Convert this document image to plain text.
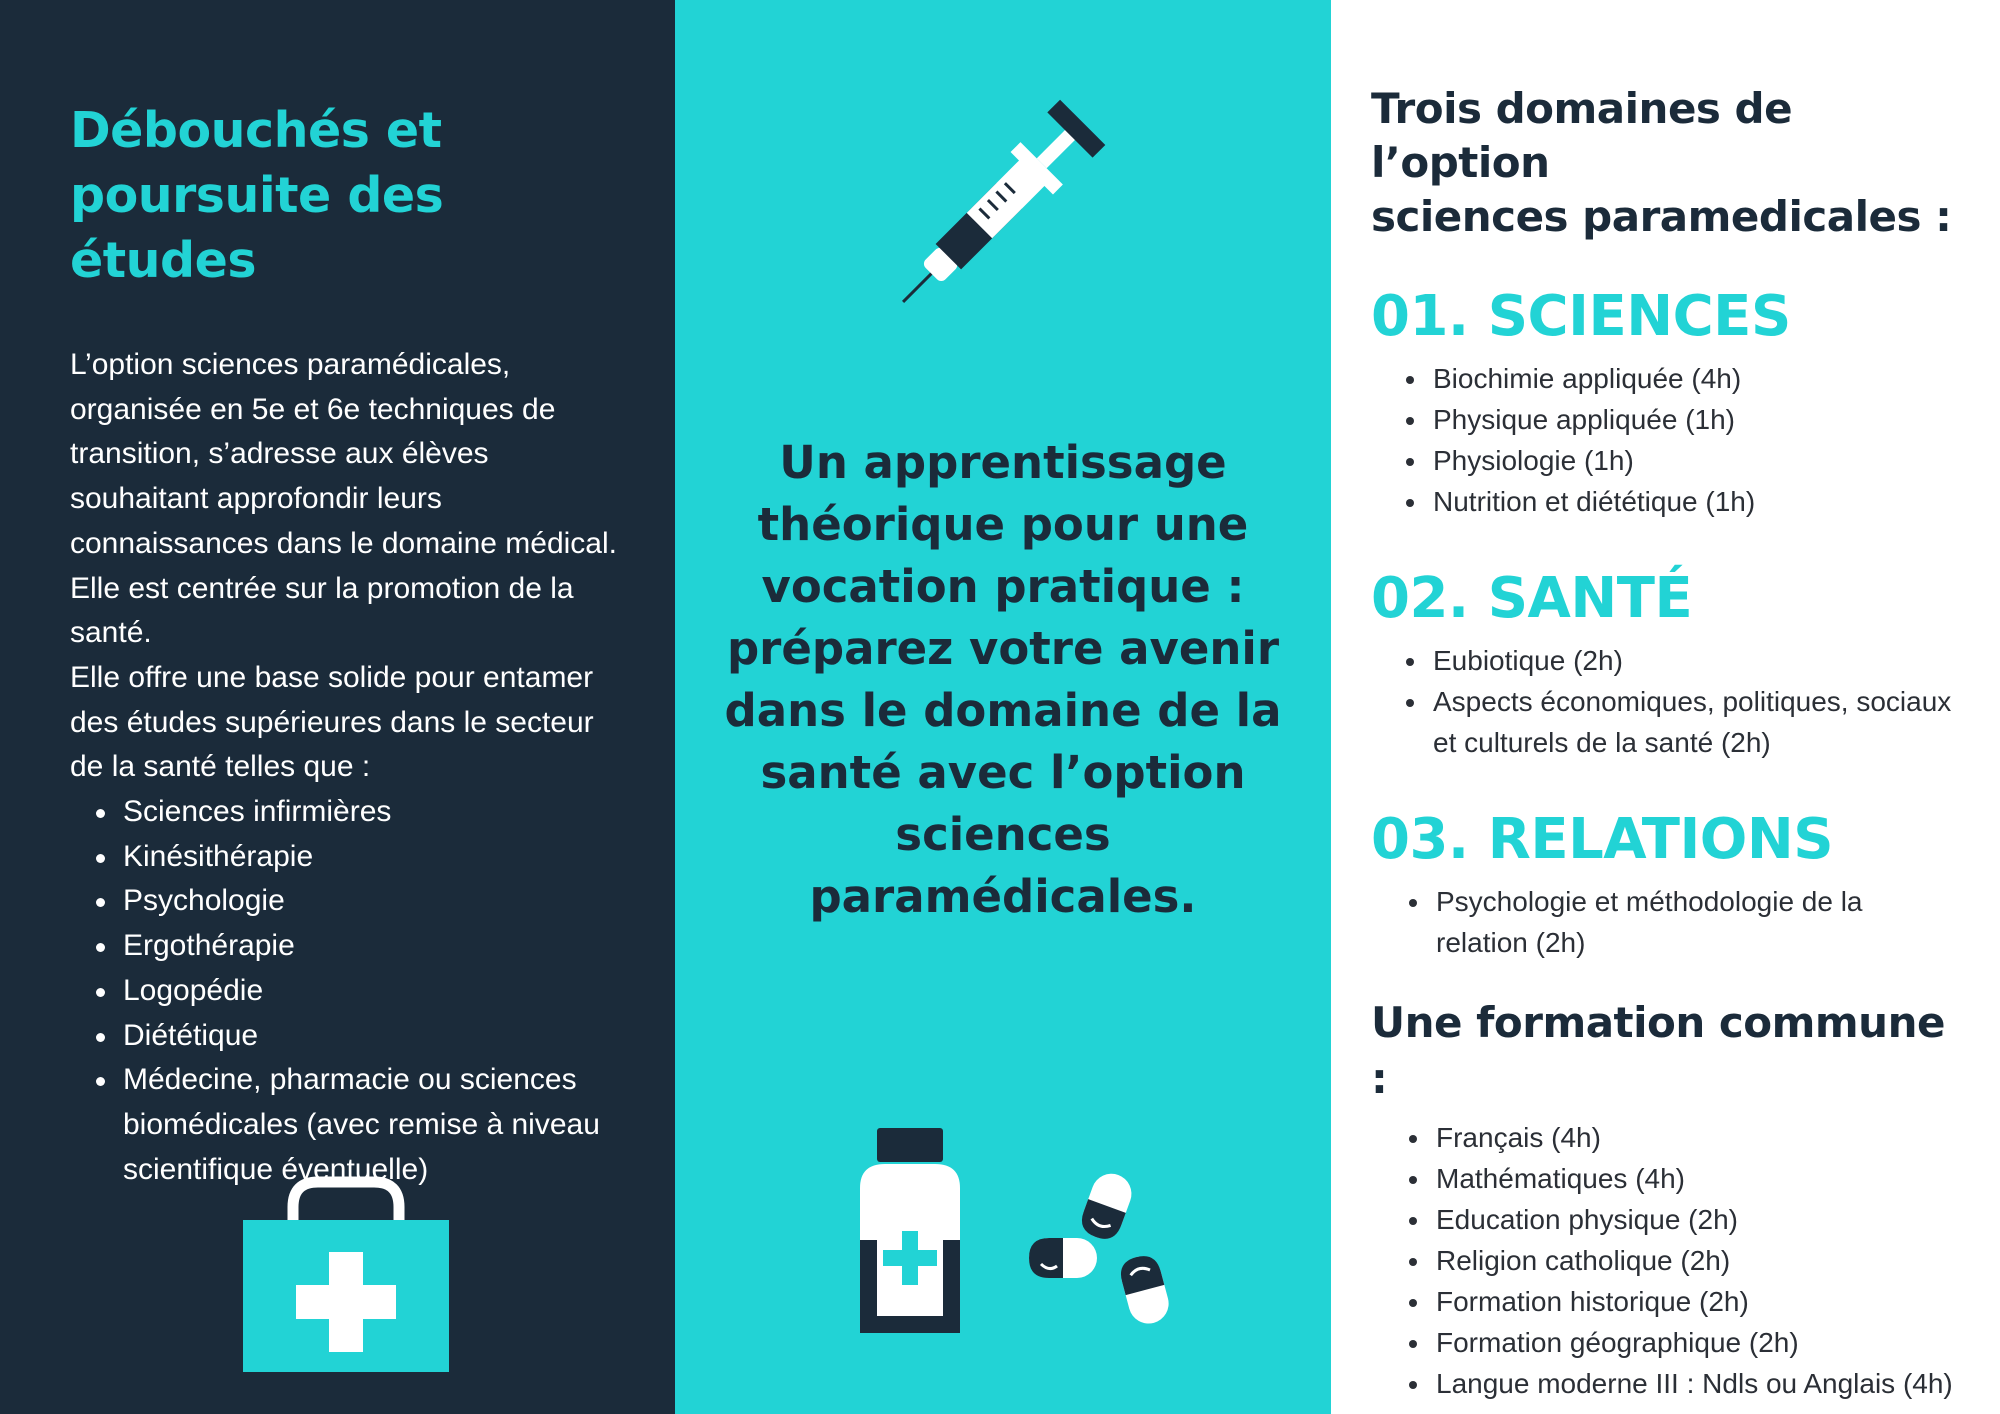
Débouchés et
poursuite des études

L’option sciences paramédicales, organisée en 5e et 6e techniques de transition, s’adresse aux élèves souhaitant approfondir leurs connaissances dans le domaine médical. Elle est centrée sur la promotion de la santé.

Elle offre une base solide pour entamer des études supérieures dans le secteur de la santé telles que :

Sciences infirmières
Kinésithérapie
Psychologie
Ergothérapie
Logopédie
Diététique
Médecine, pharmacie ou sciences biomédicales (avec remise à niveau scientifique éventuelle)

Un apprentissage théorique pour une vocation pratique : préparez votre avenir dans le domaine de la santé avec l’option sciences paramédicales.

Trois domaines de l’option
sciences paramedicales :
01. SCIENCES
Biochimie appliquée (4h)
Physique appliquée (1h)
Physiologie (1h)
Nutrition et diététique (1h)
02. SANTÉ
Eubiotique (2h)
Aspects économiques, politiques, sociaux et culturels de la santé (2h)
03. RELATIONS
Psychologie et méthodologie de la relation (2h)
Une formation commune :
Français (4h)
Mathématiques (4h)
Education physique (2h)
Religion catholique (2h)
Formation historique (2h)
Formation géographique (2h)
Langue moderne III : Ndls ou Anglais (4h)
